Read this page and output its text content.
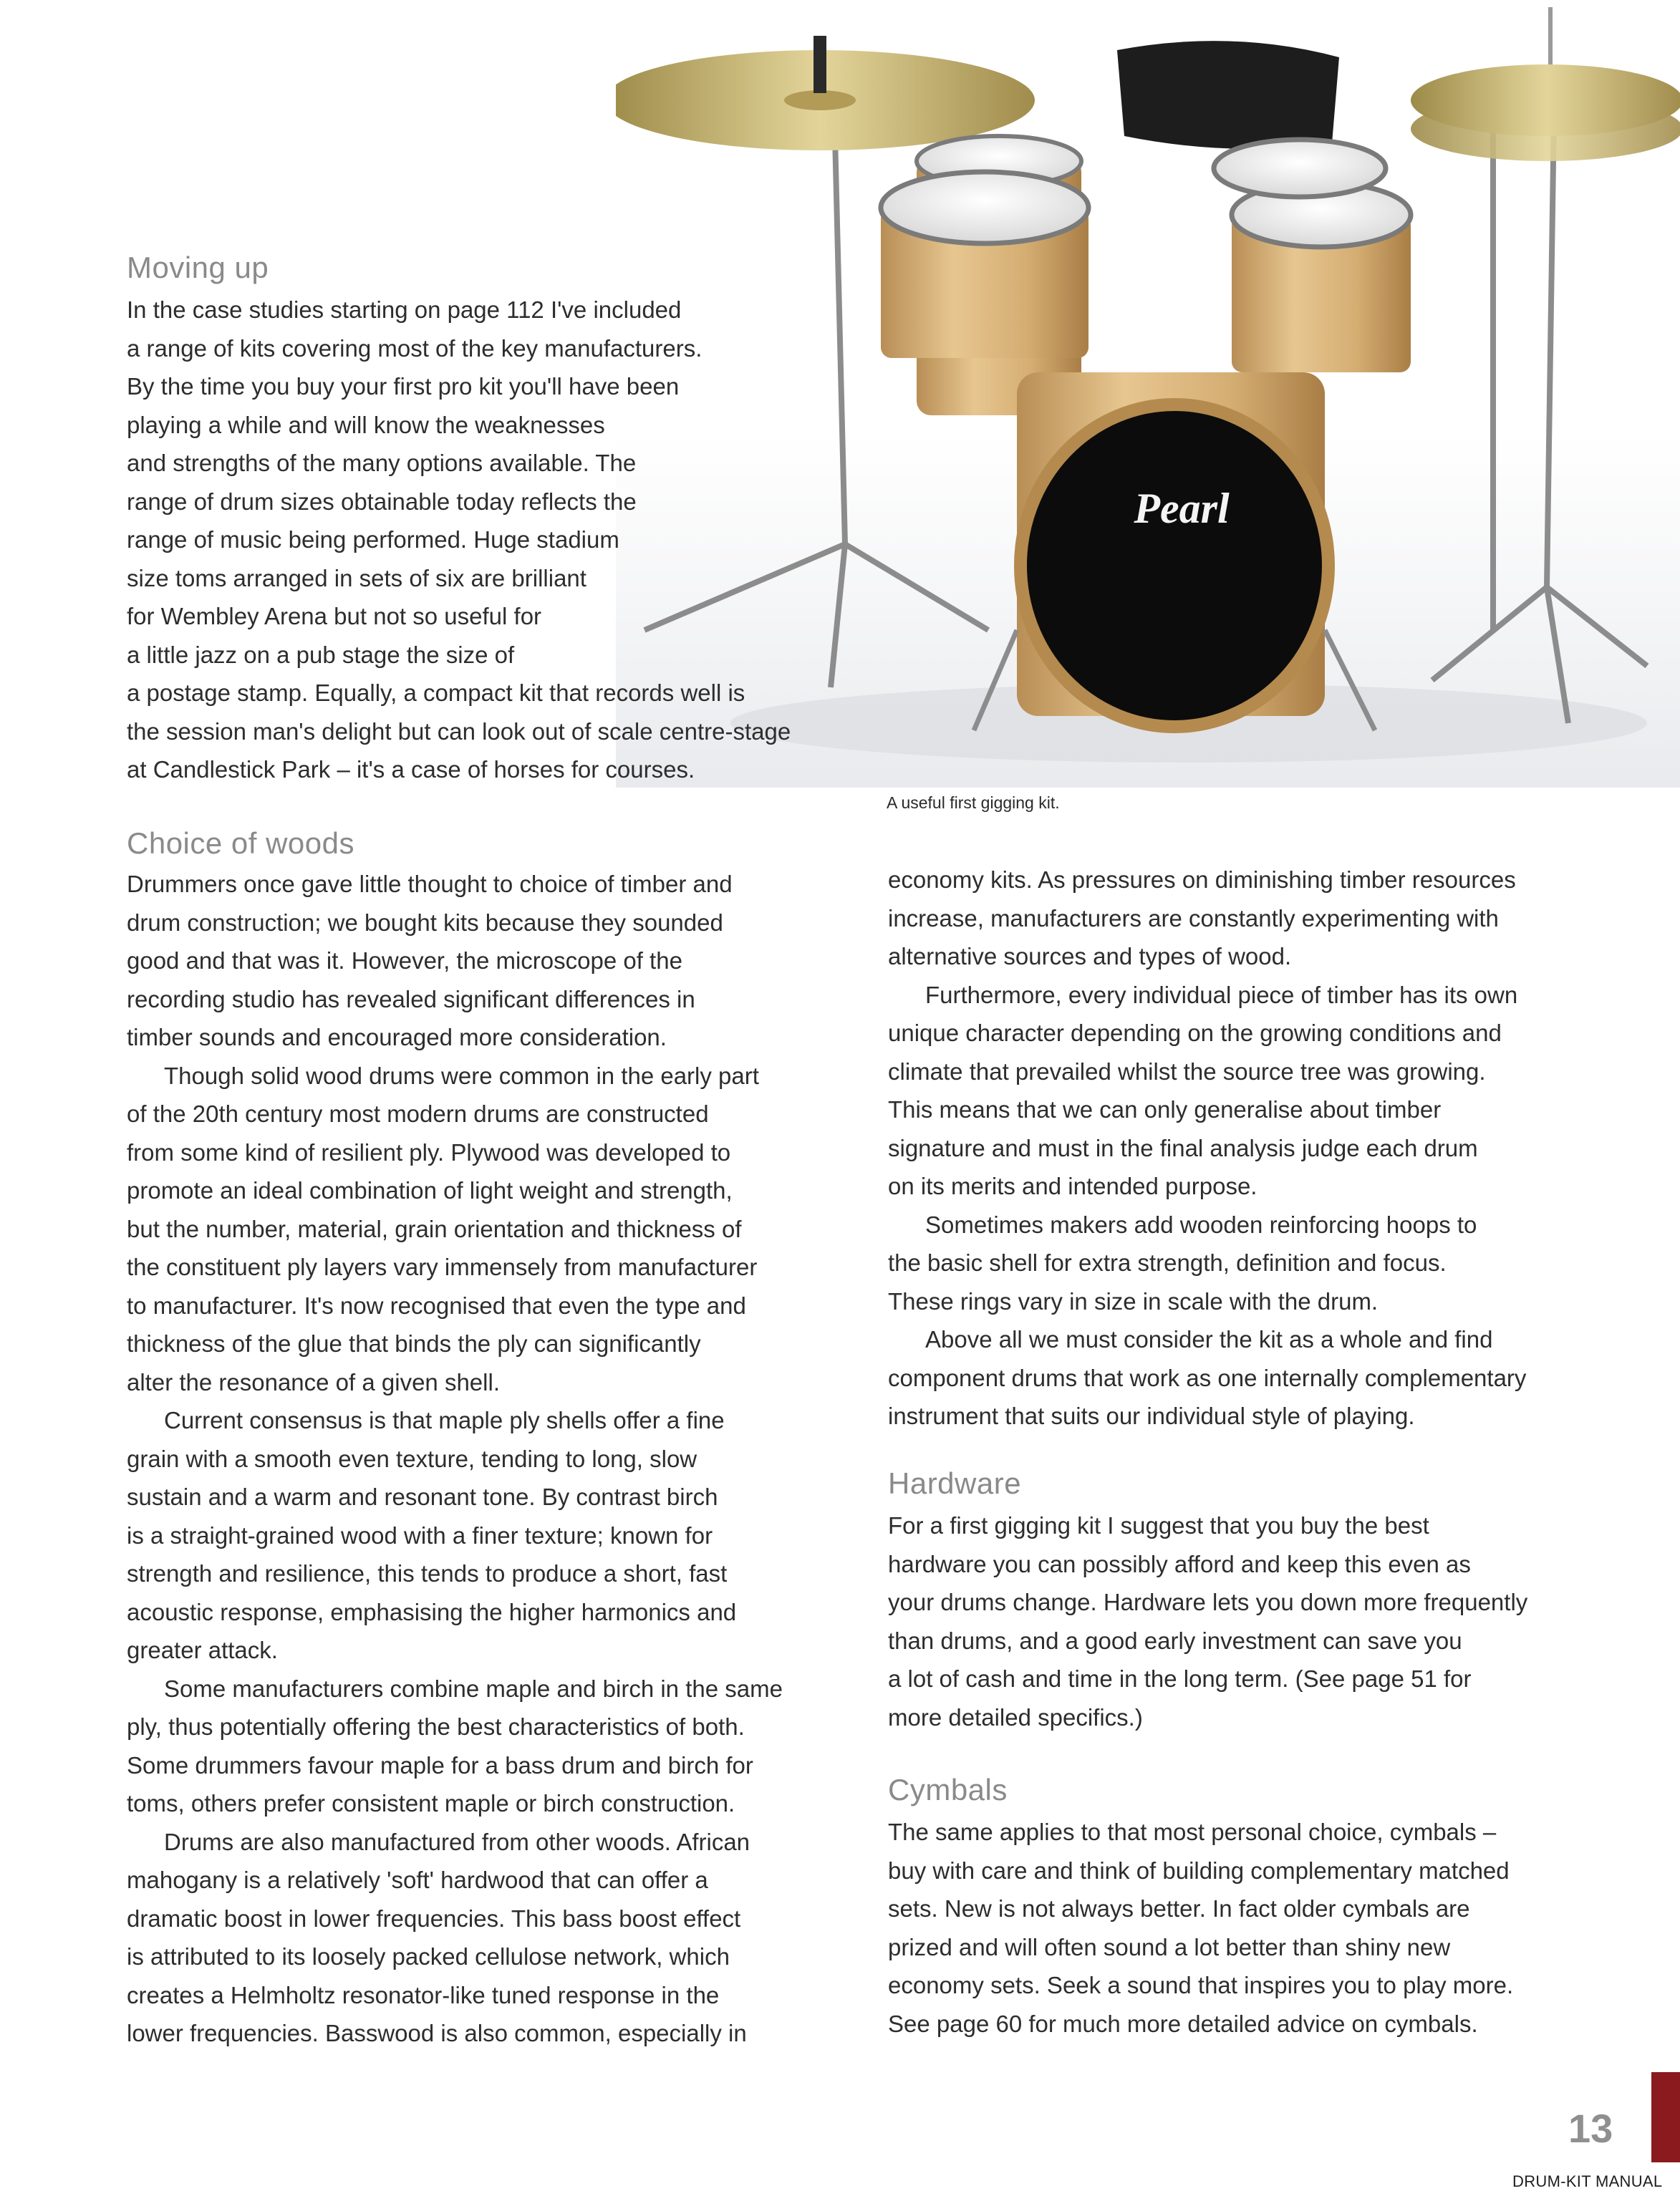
Pearl
A useful first gigging kit.
Moving up
In the case studies starting on page 112 I've included
a range of kits covering most of the key manufacturers.
By the time you buy your first pro kit you'll have been
playing a while and will know the weaknesses
and strengths of the many options available. The
range of drum sizes obtainable today reflects the
range of music being performed. Huge stadium
size toms arranged in sets of six are brilliant
for Wembley Arena but not so useful for
a little jazz on a pub stage the size of
a postage stamp. Equally, a compact kit that records well is
the session man's delight but can look out of scale centre-stage
at Candlestick Park – it's a case of horses for courses.
Choice of woods
Drummers once gave little thought to choice of timber and
drum construction; we bought kits because they sounded
good and that was it. However, the microscope of the
recording studio has revealed significant differences in
timber sounds and encouraged more consideration.
Though solid wood drums were common in the early part
of the 20th century most modern drums are constructed
from some kind of resilient ply. Plywood was developed to
promote an ideal combination of light weight and strength,
but the number, material, grain orientation and thickness of
the constituent ply layers vary immensely from manufacturer
to manufacturer. It's now recognised that even the type and
thickness of the glue that binds the ply can significantly
alter the resonance of a given shell.
Current consensus is that maple ply shells offer a fine
grain with a smooth even texture, tending to long, slow
sustain and a warm and resonant tone. By contrast birch
is a straight-grained wood with a finer texture; known for
strength and resilience, this tends to produce a short, fast
acoustic response, emphasising the higher harmonics and
greater attack.
Some manufacturers combine maple and birch in the same
ply, thus potentially offering the best characteristics of both.
Some drummers favour maple for a bass drum and birch for
toms, others prefer consistent maple or birch construction.
Drums are also manufactured from other woods. African
mahogany is a relatively 'soft' hardwood that can offer a
dramatic boost in lower frequencies. This bass boost effect
is attributed to its loosely packed cellulose network, which
creates a Helmholtz resonator-like tuned response in the
lower frequencies. Basswood is also common, especially in
economy kits. As pressures on diminishing timber resources
increase, manufacturers are constantly experimenting with
alternative sources and types of wood.
Furthermore, every individual piece of timber has its own
unique character depending on the growing conditions and
climate that prevailed whilst the source tree was growing.
This means that we can only generalise about timber
signature and must in the final analysis judge each drum
on its merits and intended purpose.
Sometimes makers add wooden reinforcing hoops to
the basic shell for extra strength, definition and focus.
These rings vary in size in scale with the drum.
Above all we must consider the kit as a whole and find
component drums that work as one internally complementary
instrument that suits our individual style of playing.
Hardware
For a first gigging kit I suggest that you buy the best
hardware you can possibly afford and keep this even as
your drums change. Hardware lets you down more frequently
than drums, and a good early investment can save you
a lot of cash and time in the long term. (See page 51 for
more detailed specifics.)
Cymbals
The same applies to that most personal choice, cymbals –
buy with care and think of building complementary matched
sets. New is not always better. In fact older cymbals are
prized and will often sound a lot better than shiny new
economy sets. Seek a sound that inspires you to play more.
See page 60 for much more detailed advice on cymbals.
13
DRUM-KIT MANUAL
